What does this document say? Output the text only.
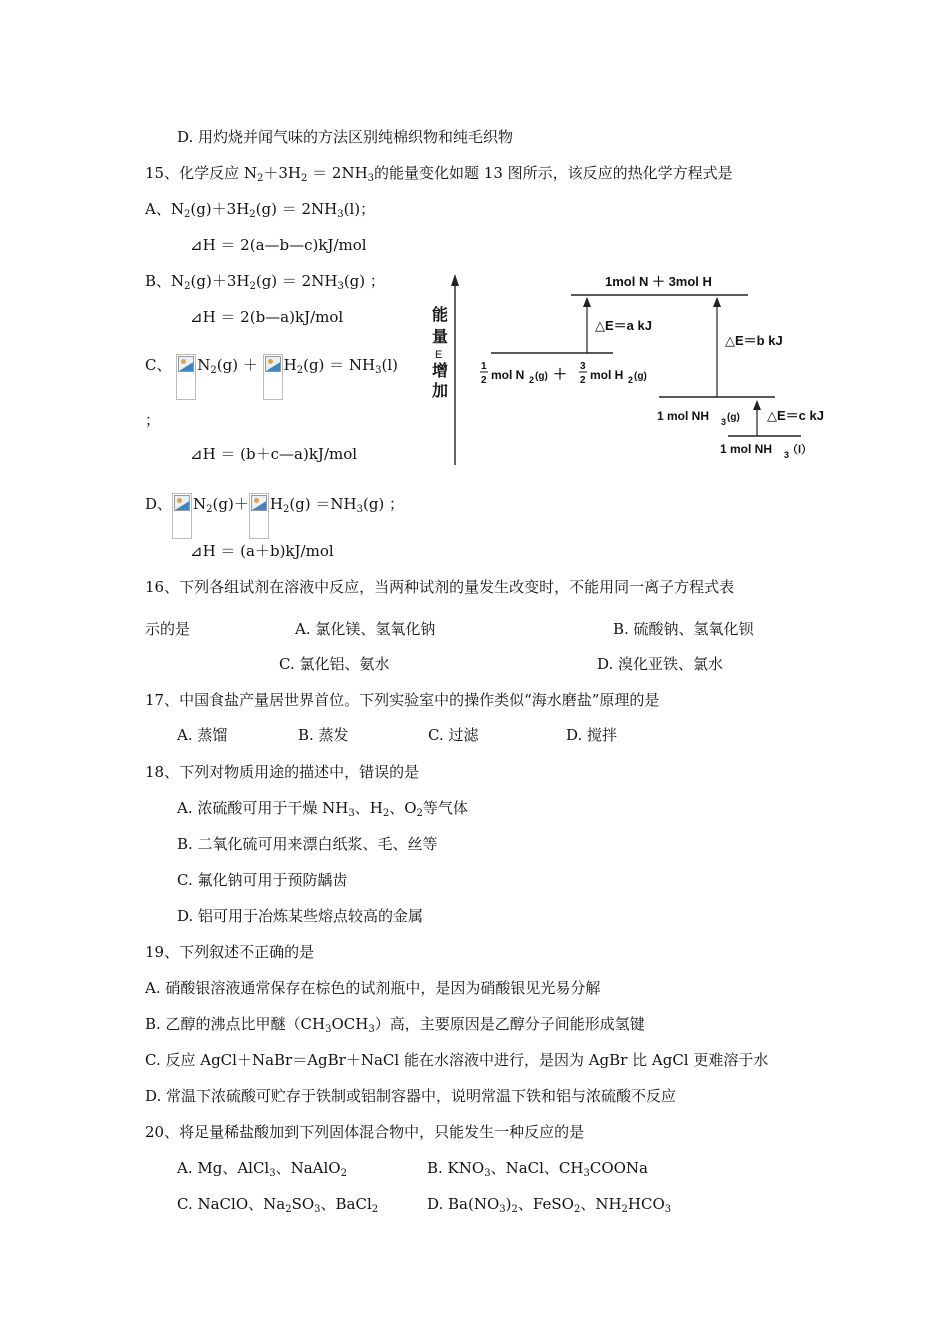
D. 用灼烧并闻气味的方法区别纯棉织物和纯毛织物
15、化学反应 $N_2+3H_2 = 2NH_3$的能量变化如题 13 图所示，该反应的热化学方程式是
A、$N_2(g)+3H_2(g) = 2NH_3(l)$；
⊿H ＝ 2(a—b—c)kJ/mol
B、$N_2(g)+3H_2(g) = 2NH_3(g)$ ；
⊿H ＝ 2(b—a)kJ/mol
C、 $N_2(g) + H_2(g) = NH_3(l)$
；
⊿H ＝ (b＋c—a)kJ/mol
D、 $N_2(g)+ H_2(g) =NH_3(g)$ ；
⊿H ＝ (a＋b)kJ/mol
能
量
E
增
加
1mol N ＋ 3mol H
1
2 mol N 2 (g) ＋ 3
2 mol H 2 (g)
△E＝a kJ
1 mol NH 3 (g)
△E＝b kJ
1 mol NH 3
（l）
△E＝c kJ
16、下列各组试剂在溶液中反应，当两种试剂的量发生改变时，不能用同一离子方程式表
示的是	A. 氯化镁、氢氧化钠	B. 硫酸钠、氢氧化钡
C. 氯化铝、氨水	D. 溴化亚铁、氯水
17、中国食盐产量居世界首位。下列实验室中的操作类似“海水磨盐”原理的是
A. 蒸馏	B. 蒸发	C. 过滤	D. 搅拌
18、下列对物质用途的描述中，错误的是
A. 浓硫酸可用于干燥 $NH_3$、$H_2$、$O_2$等气体
B. 二氧化硫可用来漂白纸浆、毛、丝等
C. 氟化钠可用于预防龋齿
D. 铝可用于冶炼某些熔点较高的金属
19、下列叙述不正确的是
A. 硝酸银溶液通常保存在棕色的试剂瓶中，是因为硝酸银见光易分解
B. 乙醇的沸点比甲醚$(CH_3OCH_3)$高，主要原因是乙醇分子间能形成氢键
C. 反应 AgCl＋NaBr＝AgBr＋NaCl 能在水溶液中进行，是因为 AgBr 比 AgCl 更难溶于水
D. 常温下浓硫酸可贮存于铁制或铝制容器中，说明常温下铁和铝与浓硫酸不反应
20、将足量稀盐酸加到下列固体混合物中，只能发生一种反应的是
A. Mg、AlCl$_3$、NaAlO$_2$	B. $KNO_3$、NaCl、$CH_3COONa$
C. NaClO、$Na_2SO_3$、BaCl$_2$	D. $Ba(NO_3)_2$、FeSO$_2$、$NH_2HCO_3$
